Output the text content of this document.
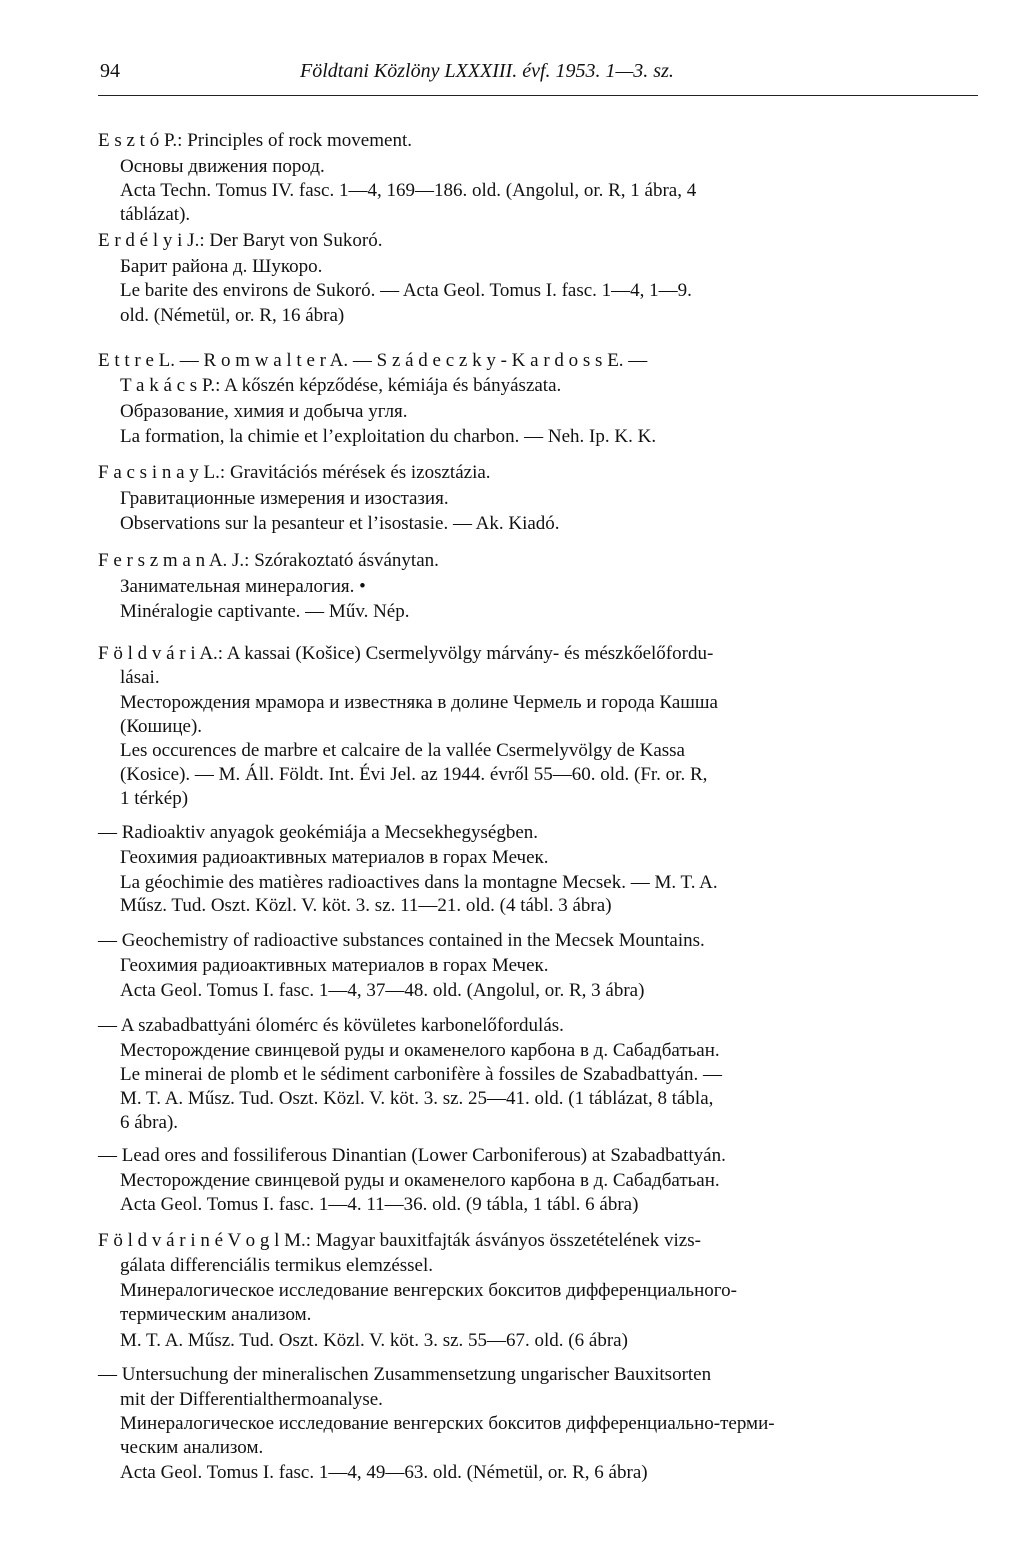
94	Földtani Közlöny LXXXIII. évf. 1953. 1—3. sz.
E s z t ó P.: Principles of rock movement.
Основы движения пород.
Acta Techn. Tomus IV. fasc. 1—4, 169—186. old. (Angolul, or. R, 1 ábra, 4
táblázat).
E r d é l y i J.: Der Baryt von Sukoró.
Барит района д. Шукоро.
Le barite des environs de Sukoró. — Acta Geol. Tomus I. fasc. 1—4, 1—9.
old. (Németül, or. R, 16 ábra)
E t t r e L. — R o m w a l t e r A. — S z á d e c z k y - K a r d o s s E. —
T a k á c s P.: A kőszén képződése, kémiája és bányászata.
Образование, химия и добыча угля.
La formation, la chimie et l’exploitation du charbon. — Neh. Ip. K. K.
F a c s i n a y L.: Gravitációs mérések és izosztázia.
Гравитационные измерения и изостазия.
Observations sur la pesanteur et l’isostasie. — Ak. Kiadó.
F e r s z m a n A. J.: Szórakoztató ásványtan.
Занимательная минералогия. •
Minéralogie captivante. — Műv. Nép.
F ö l d v á r i A.: A kassai (Košice) Csermelyvölgy márvány- és mészkőelőfordu-
lásai.
Месторождения мрамора и известняка в долине Чермель и города Кашша
(Кошице).
Les occurences de marbre et calcaire de la vallée Csermelyvölgy de Kassa
(Kosice). — M. Áll. Földt. Int. Évi Jel. az 1944. évről 55—60. old. (Fr. or. R,
1 térkép)
— Radioaktiv anyagok geokémiája a Mecsekhegységben.
Геохимия радиоактивных материалов в горах Мечек.
La géochimie des matières radioactives dans la montagne Mecsek. — M. T. A.
Műsz. Tud. Oszt. Közl. V. köt. 3. sz. 11—21. old. (4 tábl. 3 ábra)
— Geochemistry of radioactive substances contained in the Mecsek Mountains.
Геохимия радиоактивных материалов в горах Мечек.
Acta Geol. Tomus I. fasc. 1—4, 37—48. old. (Angolul, or. R, 3 ábra)
— A szabadbattyáni ólomérc és kövületes karbonelőfordulás.
Месторождение свинцевой руды и окаменелого карбона в д. Сабадбатьан.
Le minerai de plomb et le sédiment carbonifère à fossiles de Szabadbattyán. —
M. T. A. Műsz. Tud. Oszt. Közl. V. köt. 3. sz. 25—41. old. (1 táblázat, 8 tábla,
6 ábra).
— Lead ores and fossiliferous Dinantian (Lower Carboniferous) at Szabadbattyán.
Месторождение свинцевой руды и окаменелого карбона в д. Сабадбатьан.
Acta Geol. Tomus I. fasc. 1—4. 11—36. old. (9 tábla, 1 tábl. 6 ábra)
F ö l d v á r i n é V o g l M.: Magyar bauxitfajták ásványos összetételének vizs-
gálata differenciális termikus elemzéssel.
Минералогическое исследование венгерских бокситов дифференциального-
термическим анализом.
M. T. A. Műsz. Tud. Oszt. Közl. V. köt. 3. sz. 55—67. old. (6 ábra)
— Untersuchung der mineralischen Zusammensetzung ungarischer Bauxitsorten
mit der Differentialthermoanalyse.
Минералогическое исследование венгерских бокситов дифференциально-терми-
ческим анализом.
Acta Geol. Tomus I. fasc. 1—4, 49—63. old. (Németül, or. R, 6 ábra)
